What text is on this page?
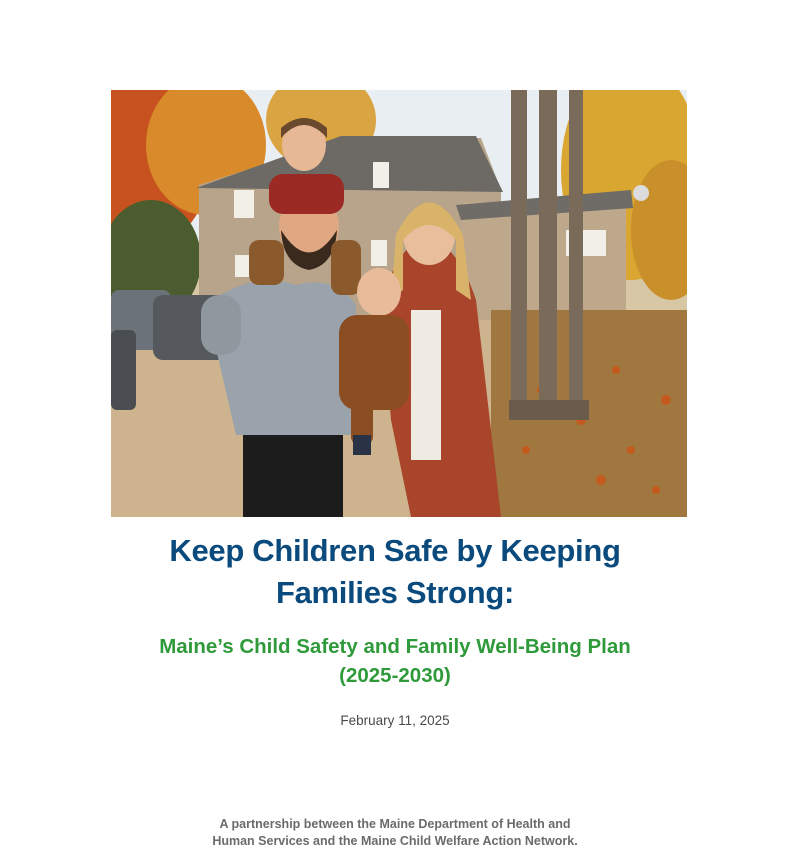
Keep Children Safe by Keeping
Families Strong:
Maine’s Child Safety and Family Well-Being Plan
(2025-2030)
February 11, 2025
A partnership between the Maine Department of Health and
Human Services and the Maine Child Welfare Action Network.
